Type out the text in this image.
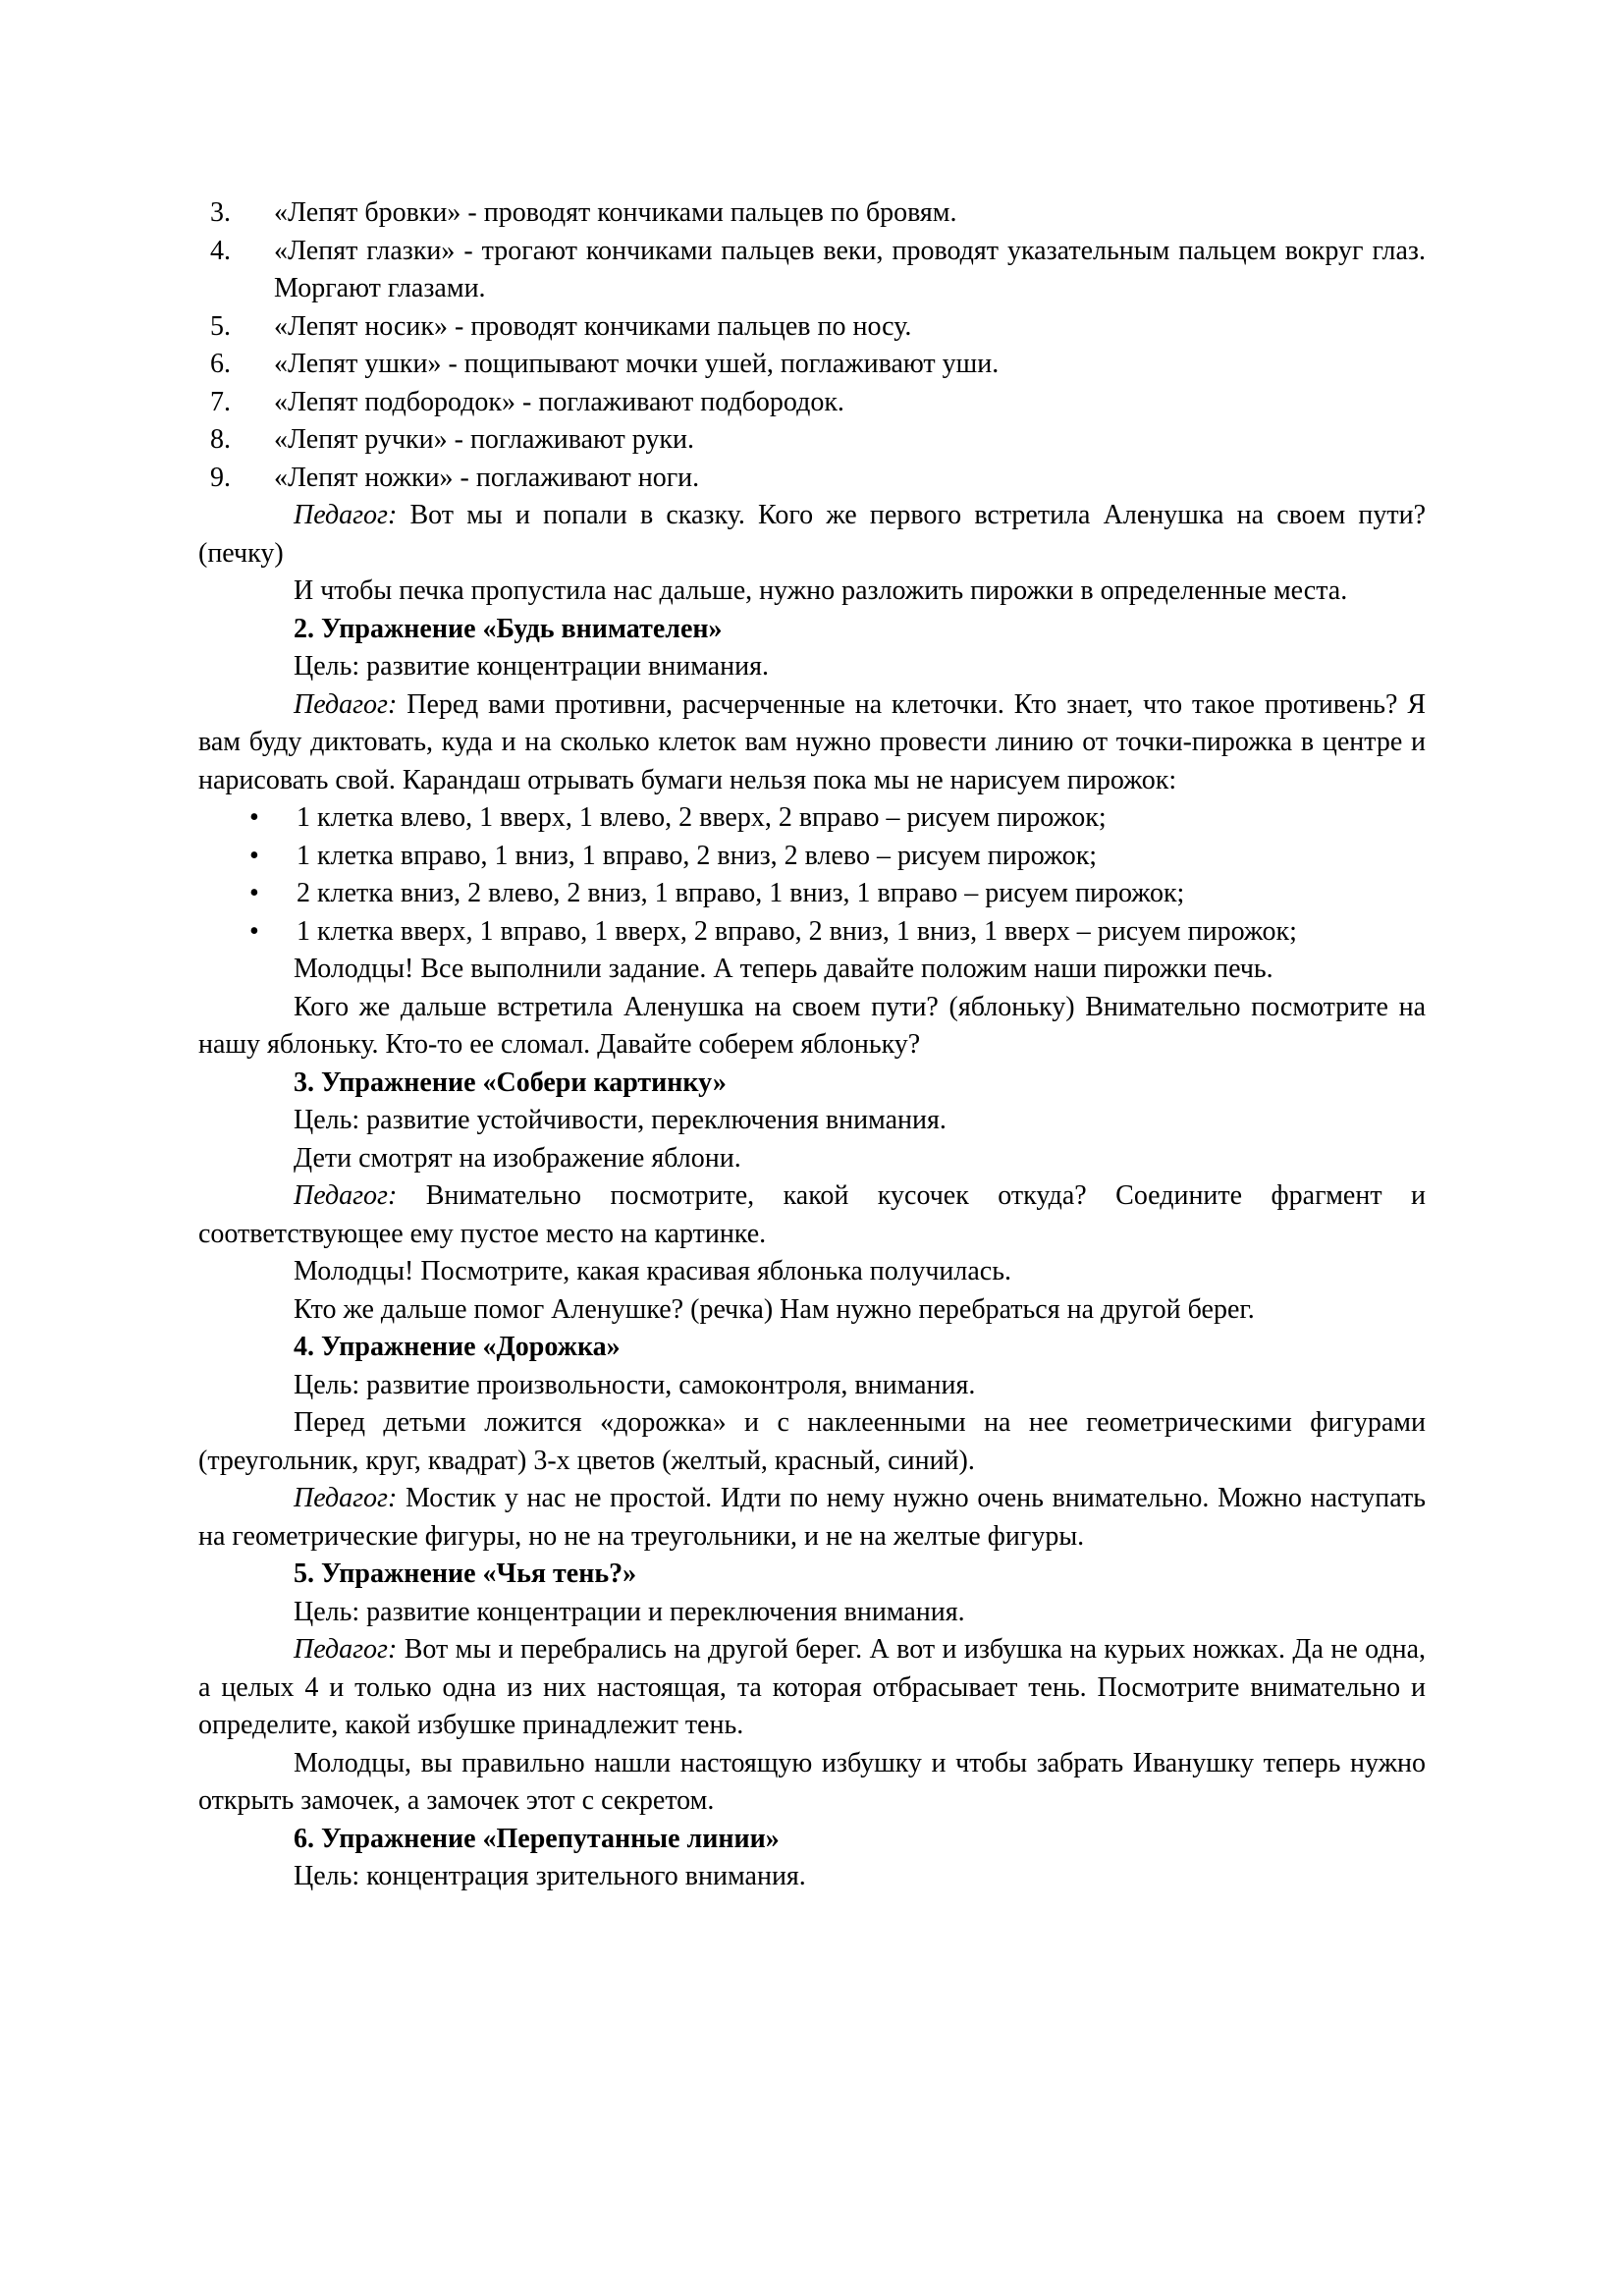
3. «Лепят бровки» - проводят кончиками пальцев по бровям.
4. «Лепят глазки» - трогают кончиками пальцев веки, проводят указательным пальцем вокруг глаз. Моргают глазами.
5. «Лепят носик» - проводят кончиками пальцев по носу.
6. «Лепят ушки» - пощипывают мочки ушей, поглаживают уши.
7. «Лепят подбородок» - поглаживают подбородок.
8. «Лепят ручки» - поглаживают руки.
9. «Лепят ножки» - поглаживают ноги.

Педагог: Вот мы и попали в сказку. Кого же первого встретила Аленушка на своем пути? (печку)

И чтобы печка пропустила нас дальше, нужно разложить пирожки в определенные места.

2. Упражнение «Будь внимателен»

Цель: развитие концентрации внимания.

Педагог: Перед вами противни, расчерченные на клеточки. Кто знает, что такое противень? Я вам буду диктовать, куда и на сколько клеток вам нужно провести линию от точки-пирожка в центре и нарисовать свой. Карандаш отрывать бумаги нельзя пока мы не нарисуем пирожок:

• 1 клетка влево, 1 вверх, 1 влево, 2 вверх, 2 вправо – рисуем пирожок;
• 1 клетка вправо, 1 вниз, 1 вправо, 2 вниз, 2 влево – рисуем пирожок;
• 2 клетка вниз, 2 влево, 2 вниз, 1 вправо, 1 вниз, 1 вправо – рисуем пирожок;
• 1 клетка вверх, 1 вправо, 1 вверх, 2 вправо, 2 вниз, 1 вниз, 1 вверх – рисуем пирожок;

Молодцы! Все выполнили задание. А теперь давайте положим наши пирожки печь.

Кого же дальше встретила Аленушка на своем пути? (яблоньку) Внимательно посмотрите на нашу яблоньку. Кто-то ее сломал. Давайте соберем яблоньку?

3. Упражнение «Собери картинку»

Цель: развитие устойчивости, переключения внимания.

Дети смотрят на изображение яблони.

Педагог: Внимательно посмотрите, какой кусочек откуда? Соедините фрагмент и соответствующее ему пустое место на картинке.

Молодцы! Посмотрите, какая красивая яблонька получилась.

Кто же дальше помог Аленушке? (речка) Нам нужно перебраться на другой берег.

4. Упражнение «Дорожка»

Цель: развитие произвольности, самоконтроля, внимания.

Перед детьми ложится «дорожка» и с наклеенными на нее геометрическими фигурами (треугольник, круг, квадрат) 3-х цветов (желтый, красный, синий).

Педагог: Мостик у нас не простой. Идти по нему нужно очень внимательно. Можно наступать на геометрические фигуры, но не на треугольники, и не на желтые фигуры.

5. Упражнение «Чья тень?»

Цель: развитие концентрации и переключения внимания.

Педагог: Вот мы и перебрались на другой берег. А вот и избушка на курьих ножках. Да не одна, а целых 4 и только одна из них настоящая, та которая отбрасывает тень. Посмотрите внимательно и определите, какой избушке принадлежит тень.

Молодцы, вы правильно нашли настоящую избушку и чтобы забрать Иванушку теперь нужно открыть замочек, а замочек этот с секретом.

6. Упражнение «Перепутанные линии»

Цель: концентрация зрительного внимания.
